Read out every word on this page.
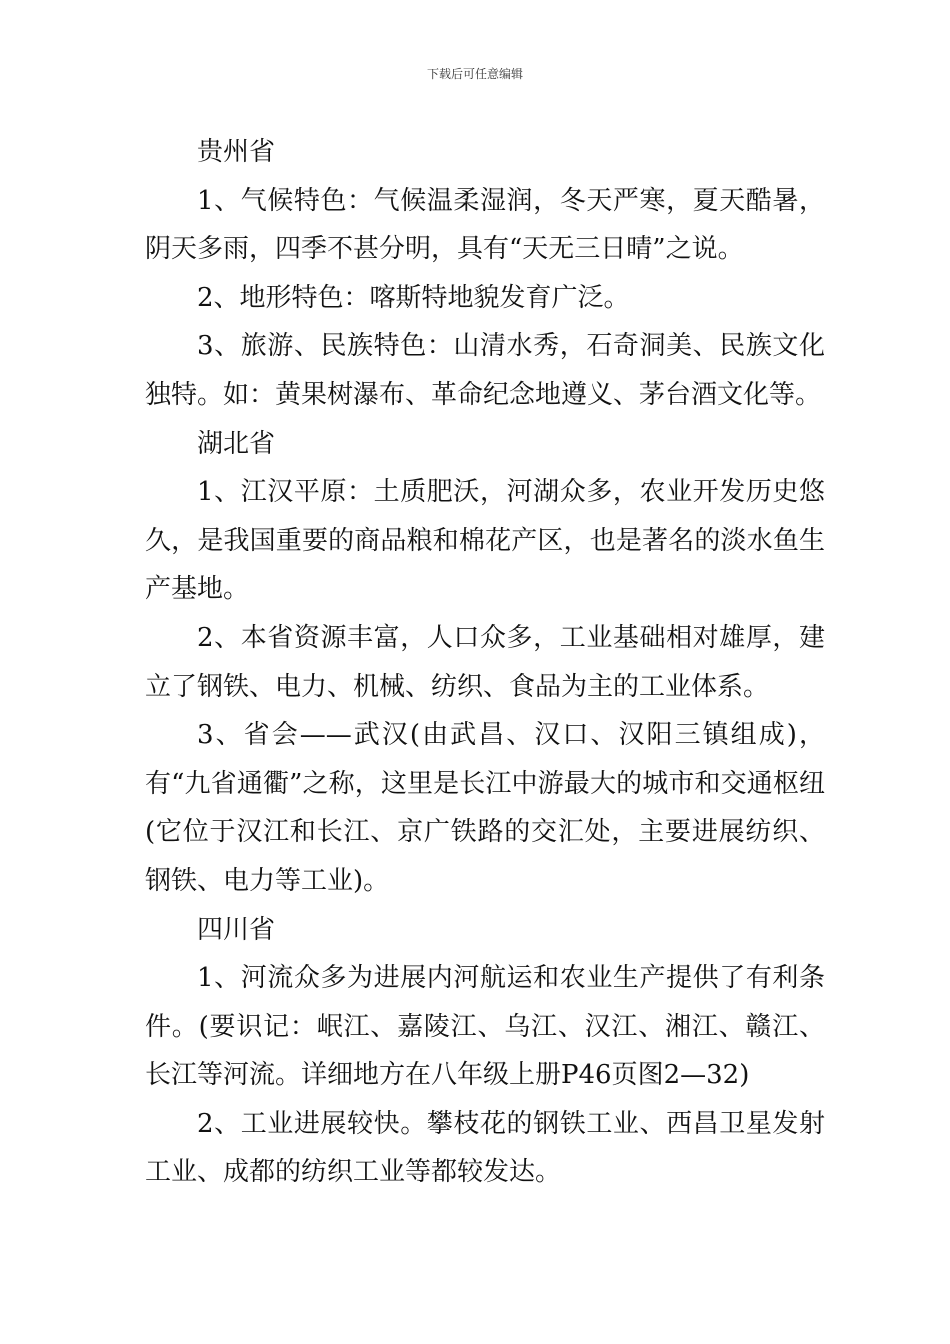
下载后可任意编辑

贵州省

1、气候特色：气候温柔湿润，冬天严寒，夏天酷暑，阴天多雨，四季不甚分明，具有“天无三日晴”之说。

2、地形特色：喀斯特地貌发育广泛。

3、旅游、民族特色：山清水秀，石奇洞美、民族文化独特。如：黄果树瀑布、革命纪念地遵义、茅台酒文化等。

湖北省

1、江汉平原：土质肥沃，河湖众多，农业开发历史悠久，是我国重要的商品粮和棉花产区，也是著名的淡水鱼生产基地。

2、本省资源丰富，人口众多，工业基础相对雄厚，建立了钢铁、电力、机械、纺织、食品为主的工业体系。

3、省会——武汉(由武昌、汉口、汉阳三镇组成)，有“九省通衢”之称，这里是长江中游最大的城市和交通枢纽(它位于汉江和长江、京广铁路的交汇处，主要进展纺织、钢铁、电力等工业)。

四川省

1、河流众多为进展内河航运和农业生产提供了有利条件。(要识记：岷江、嘉陵江、乌江、汉江、湘江、赣江、长江等河流。详细地方在八年级上册P46页图2—32)

2、工业进展较快。攀枝花的钢铁工业、西昌卫星发射工业、成都的纺织工业等都较发达。
